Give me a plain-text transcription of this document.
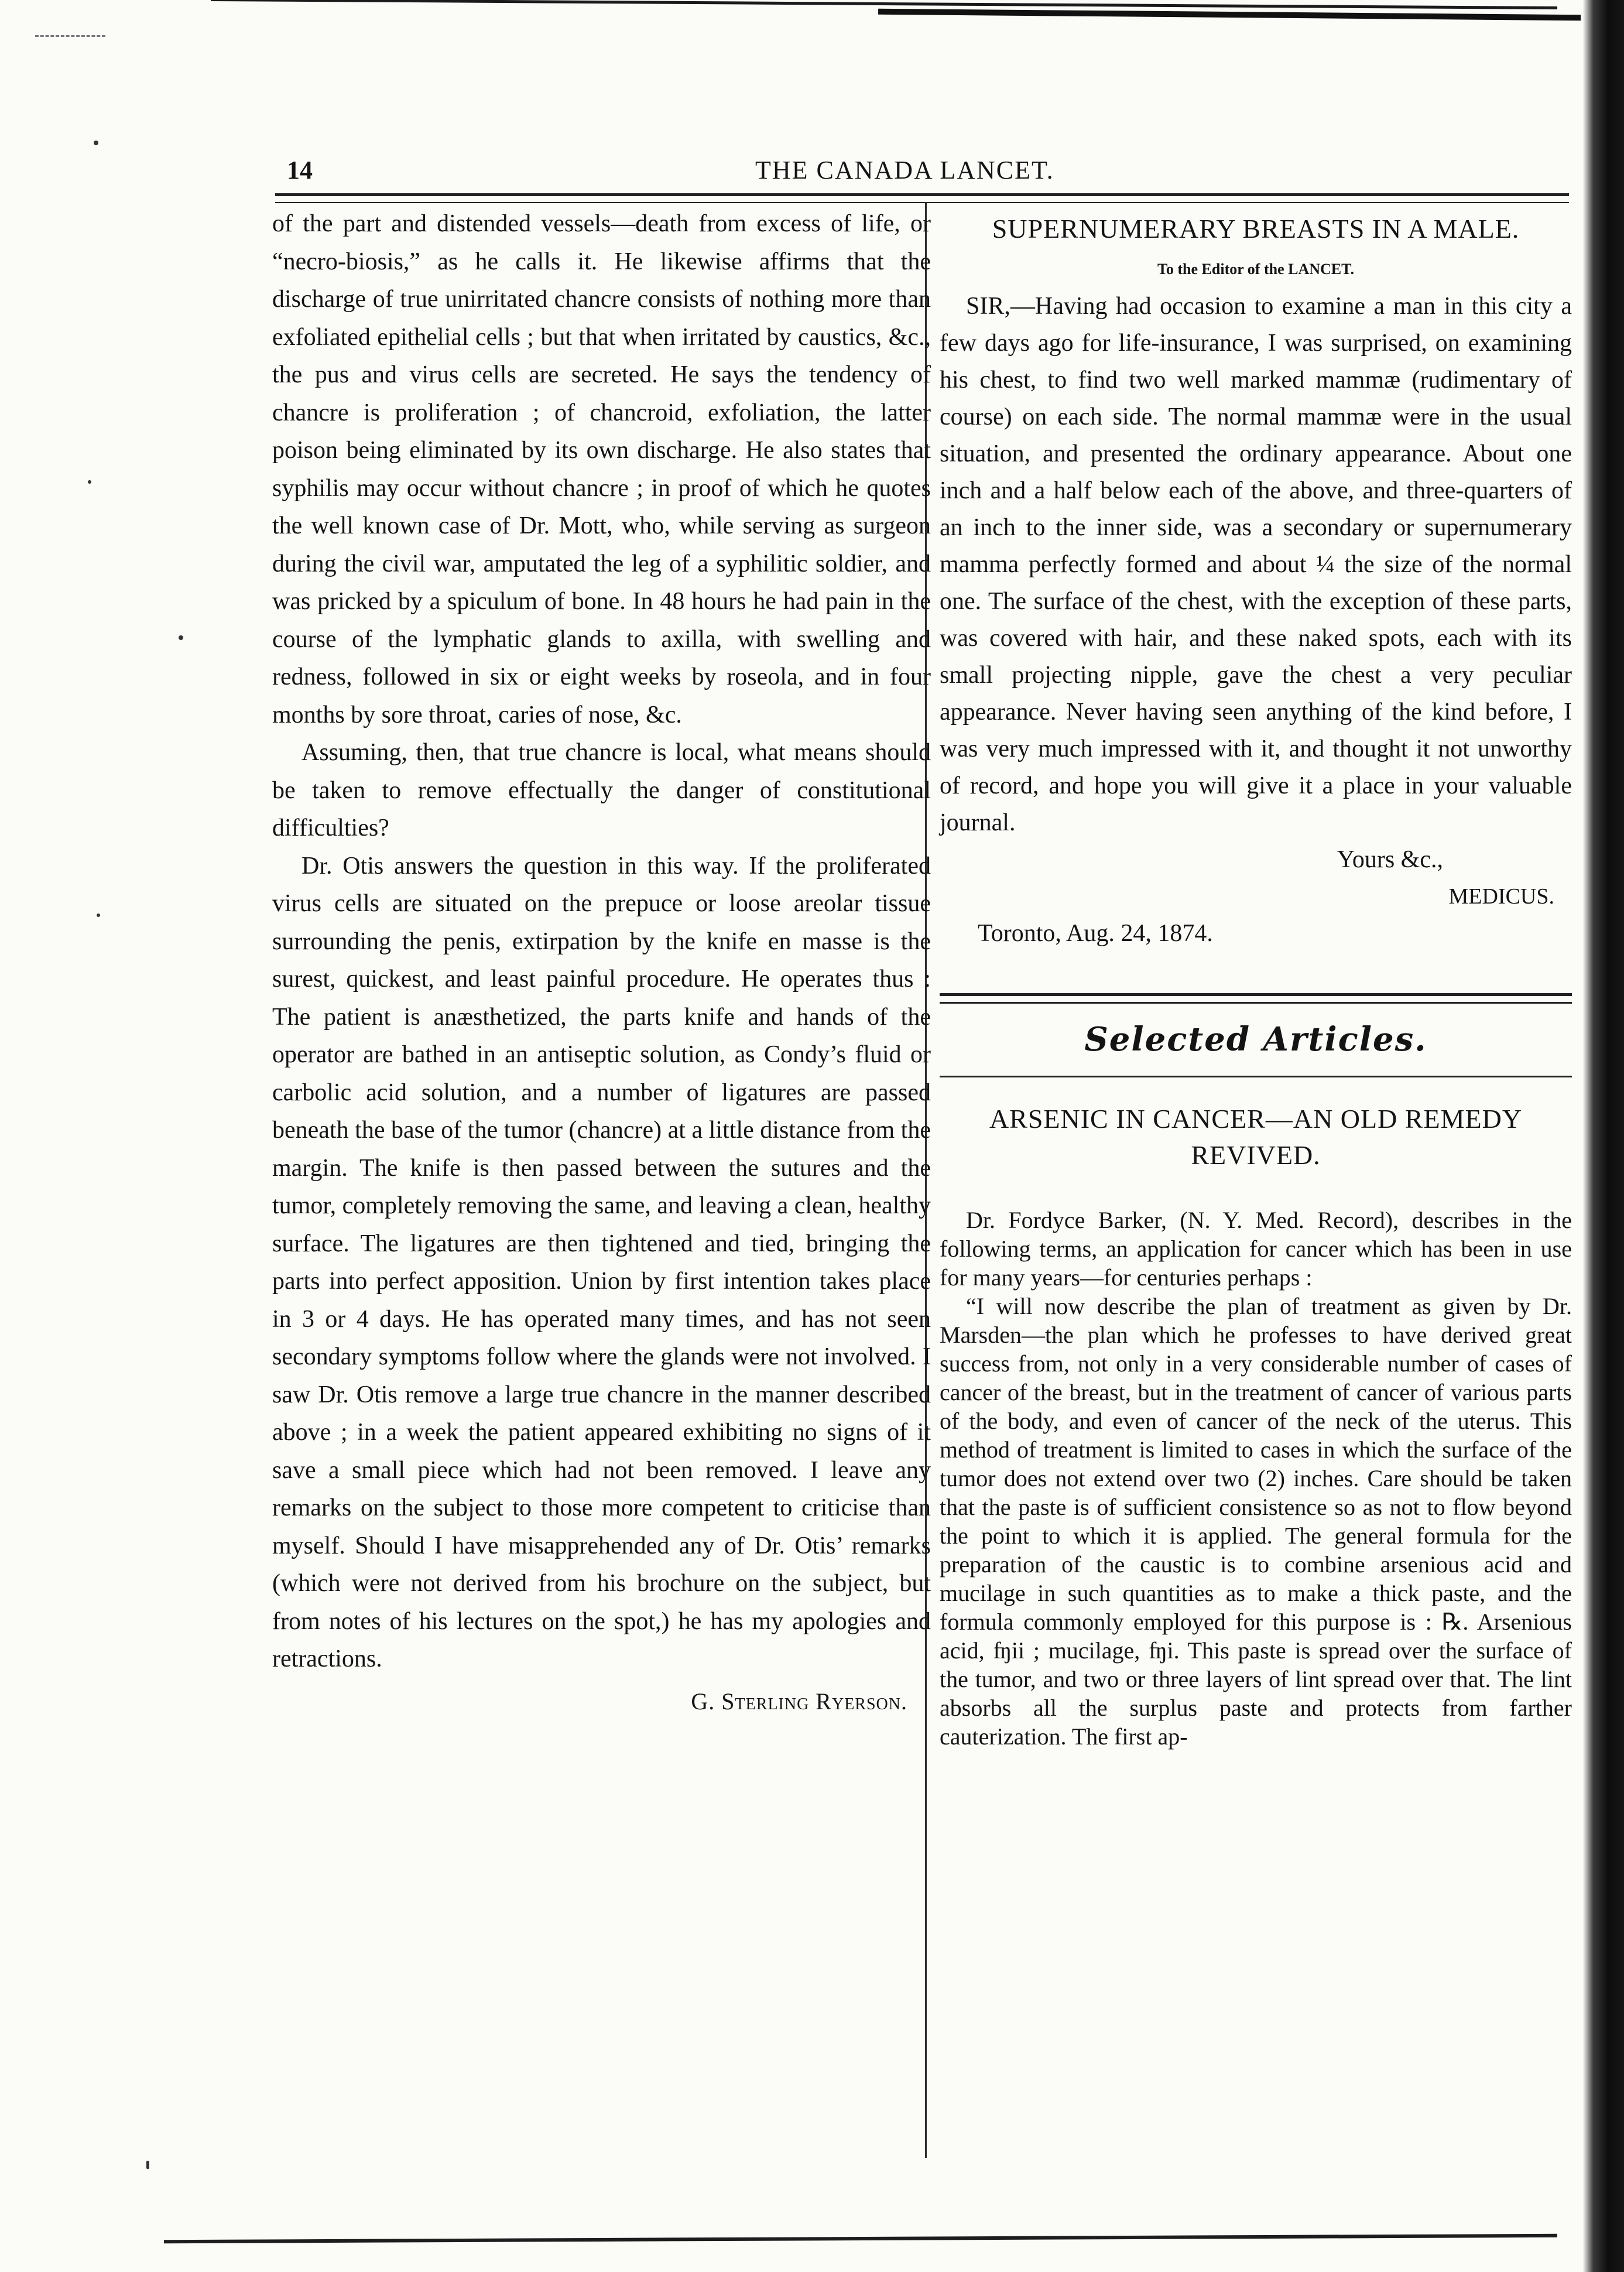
14	THE CANADA LANCET.

of the part and distended vessels—death from excess of life, or “necro-biosis,” as he calls it. He likewise affirms that the discharge of true unirritated chancre consists of nothing more than exfoliated epithelial cells ; but that when irritated by caustics, &c., the pus and virus cells are secreted. He says the tendency of chancre is proliferation ; of chancroid, exfoliation, the latter poison being eliminated by its own discharge. He also states that syphilis may occur without chancre ; in proof of which he quotes the well known case of Dr. Mott, who, while serving as surgeon during the civil war, amputated the leg of a syphilitic soldier, and was pricked by a spiculum of bone. In 48 hours he had pain in the course of the lymphatic glands to axilla, with swelling and redness, followed in six or eight weeks by roseola, and in four months by sore throat, caries of nose, &c.

Assuming, then, that true chancre is local, what means should be taken to remove effectually the danger of constitutional difficulties?

Dr. Otis answers the question in this way. If the proliferated virus cells are situated on the prepuce or loose areolar tissue surrounding the penis, extirpation by the knife en masse is the surest, quickest, and least painful procedure. He operates thus : The patient is anæsthetized, the parts knife and hands of the operator are bathed in an antiseptic solution, as Condy’s fluid or carbolic acid solution, and a number of ligatures are passed beneath the base of the tumor (chancre) at a little distance from the margin. The knife is then passed between the sutures and the tumor, completely removing the same, and leaving a clean, healthy surface. The ligatures are then tightened and tied, bringing the parts into perfect apposition. Union by first intention takes place in 3 or 4 days. He has operated many times, and has not seen secondary symptoms follow where the glands were not involved. I saw Dr. Otis remove a large true chancre in the manner described above ; in a week the patient appeared exhibiting no signs of it save a small piece which had not been removed. I leave any remarks on the subject to those more competent to criticise than myself. Should I have misapprehended any of Dr. Otis’ remarks (which were not derived from his brochure on the subject, but from notes of his lectures on the spot,) he has my apologies and retractions.

G. Sterling Ryerson.
SUPERNUMERARY BREASTS IN A MALE.
To the Editor of the LANCET.

SIR,—Having had occasion to examine a man in this city a few days ago for life-insurance, I was surprised, on examining his chest, to find two well marked mammæ (rudimentary of course) on each side. The normal mammæ were in the usual situation, and presented the ordinary appearance. About one inch and a half below each of the above, and three-quarters of an inch to the inner side, was a secondary or supernumerary mamma perfectly formed and about ¼ the size of the normal one. The surface of the chest, with the exception of these parts, was covered with hair, and these naked spots, each with its small projecting nipple, gave the chest a very peculiar appearance. Never having seen anything of the kind before, I was very much impressed with it, and thought it not unworthy of record, and hope you will give it a place in your valuable journal.

Yours &c.,

MEDICUS.

Toronto, Aug. 24, 1874.

Selected Articles.
ARSENIC IN CANCER—AN OLD REMEDY REVIVED.

Dr. Fordyce Barker, (N. Y. Med. Record), describes in the following terms, an application for cancer which has been in use for many years—for centuries perhaps :

“I will now describe the plan of treatment as given by Dr. Marsden—the plan which he professes to have derived great success from, not only in a very considerable number of cases of cancer of the breast, but in the treatment of cancer of various parts of the body, and even of cancer of the neck of the uterus. This method of treatment is limited to cases in which the surface of the tumor does not extend over two (2) inches. Care should be taken that the paste is of sufficient consistence so as not to flow beyond the point to which it is applied. The general formula for the preparation of the caustic is to combine arsenious acid and mucilage in such quantities as to make a thick paste, and the formula commonly employed for this purpose is : ℞. Arsenious acid, ʩii ; mucilage, ʩi. This paste is spread over the surface of the tumor, and two or three layers of lint spread over that. The lint absorbs all the surplus paste and protects from farther cauterization. The first ap-
